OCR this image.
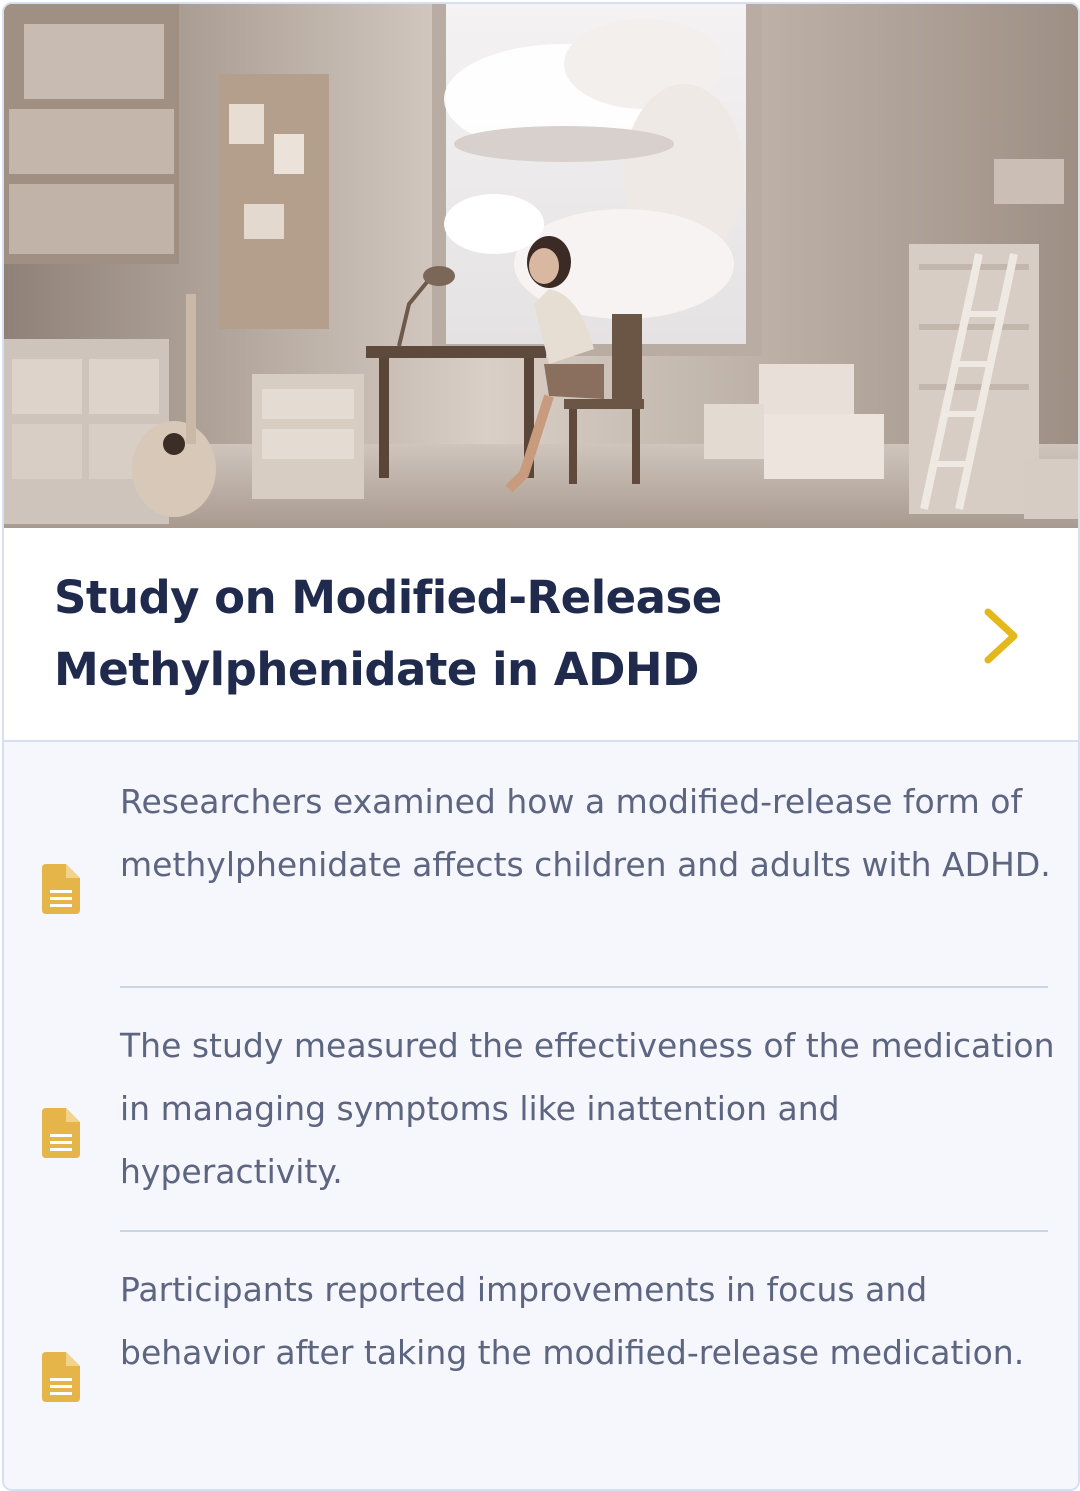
Study on Modified-Release
Methylphenidate in ADHD
Researchers examined how a modified-release form of methylphenidate affects children and adults with ADHD.
The study measured the effectiveness of the medication in managing symptoms like inattention and hyperactivity.
Participants reported improvements in focus and behavior after taking the modified-release medication.
